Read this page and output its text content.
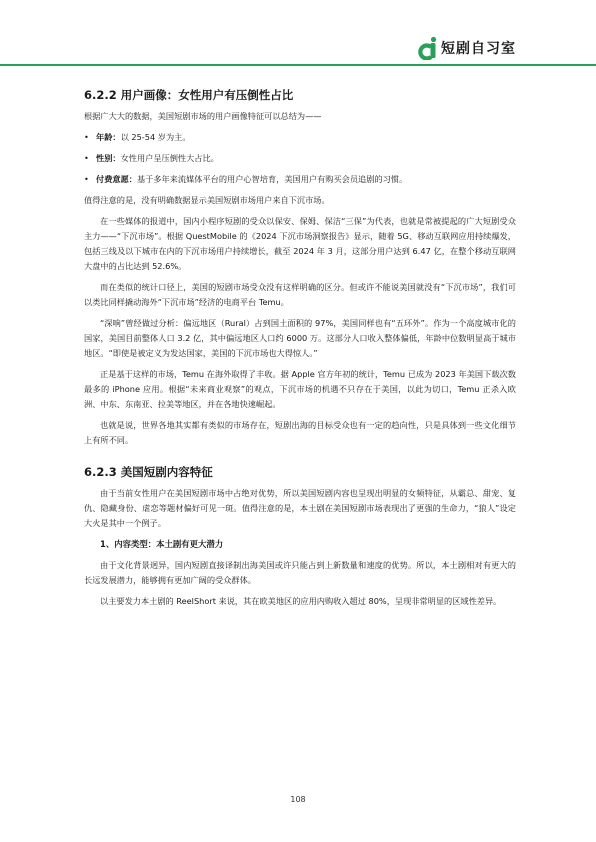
短剧自习室
6.2.2 用户画像：女性用户有压倒性占比

根据广大大的数据，美国短剧市场的用户画像特征可以总结为——

• 年龄：以 25-54 岁为主。
• 性别：女性用户呈压倒性大占比。
• 付费意愿：基于多年来流媒体平台的用户心智培育，美国用户有购买会员追剧的习惯。

值得注意的是，没有明确数据显示美国短剧市场用户来自下沉市场。

在一些媒体的报道中，国内小程序短剧的受众以保安、保姆、保洁“三保”为代表，也就是常被提起的广大短剧受众主力——“下沉市场”。根据 QuestMobile 的《2024 下沉市场洞察报告》显示，随着 5G、移动互联网应用持续爆发，包括三线及以下城市在内的下沉市场用户持续增长，截至 2024 年 3 月，这部分用户达到 6.47 亿，在整个移动互联网大盘中的占比达到 52.6%。

而在类似的统计口径上，美国的短剧市场受众没有这样明确的区分。但或许不能说美国就没有“下沉市场”，我们可以类比同样撬动海外“下沉市场”经济的电商平台 Temu。

“深响”曾经做过分析：偏远地区（Rural）占到国土面积的 97%，美国同样也有“五环外”。作为一个高度城市化的国家，美国目前整体人口 3.2 亿，其中偏远地区人口约 6000 万。这部分人口收入整体偏低，年龄中位数明显高于城市地区。“即使是被定义为发达国家，美国的下沉市场也大得惊人。”

正是基于这样的市场，Temu 在海外取得了丰收。据 Apple 官方年初的统计，Temu 已成为 2023 年美国下载次数最多的 iPhone 应用。根据“未来商业观察”的观点，下沉市场的机遇不只存在于美国，以此为切口，Temu 正杀入欧洲、中东、东南亚、拉美等地区，并在各地快速崛起。

也就是说，世界各地其实都有类似的市场存在，短剧出海的目标受众也有一定的趋向性，只是具体到一些文化细节上有所不同。

6.2.3 美国短剧内容特征

由于当前女性用户在美国短剧市场中占绝对优势，所以美国短剧内容也呈现出明显的女频特征，从霸总、甜宠、复仇、隐藏身份、虐恋等题材偏好可见一斑。值得注意的是，本土剧在美国短剧市场表现出了更强的生命力，“狼人”设定大火是其中一个例子。

1、内容类型：本土剧有更大潜力

由于文化背景迥异，国内短剧直接译制出海美国或许只能占到上新数量和速度的优势。所以，本土剧相对有更大的长远发展潜力，能够拥有更加广阔的受众群体。

以主要发力本土剧的 ReelShort 来说，其在欧美地区的应用内购收入超过 80%，呈现非常明显的区域性差异。

108
